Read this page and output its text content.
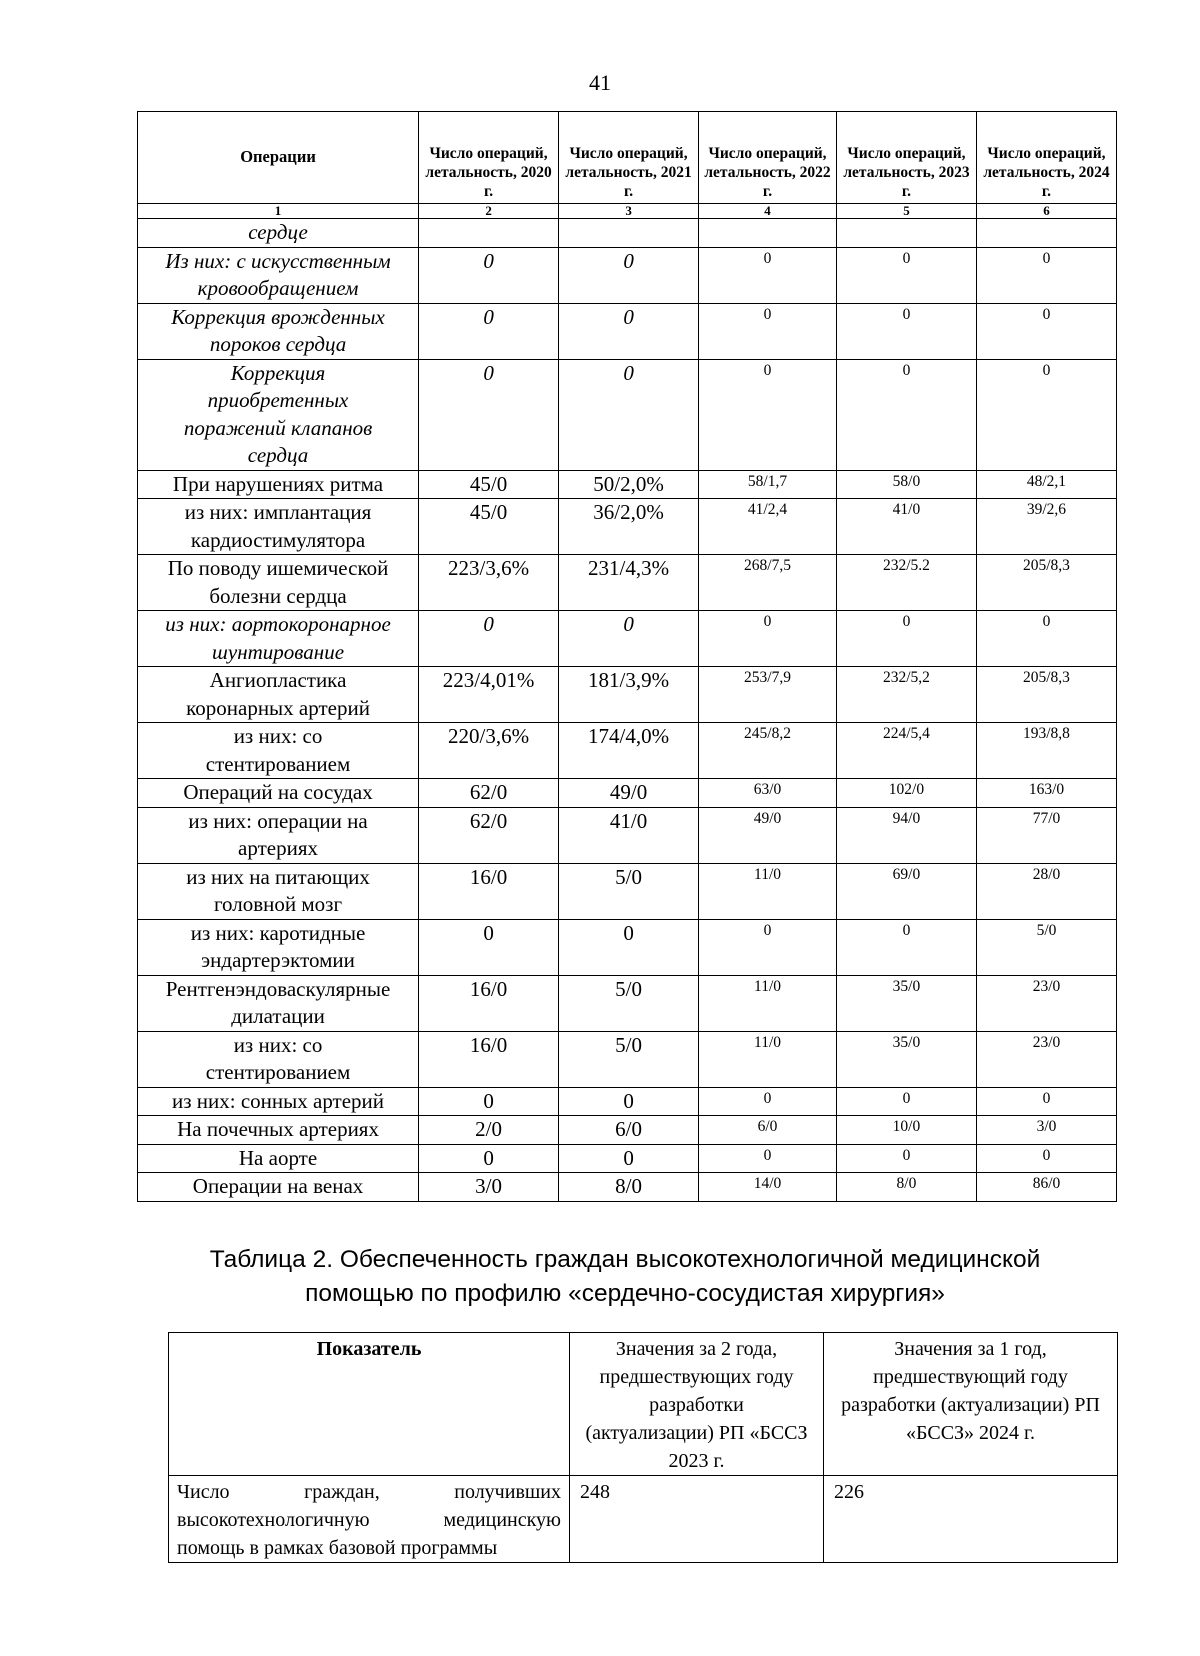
41
Операции	Число операций, летальность, 2020 г.	Число операций, летальность, 2021 г.	Число операций, летальность, 2022 г.	Число операций, летальность, 2023 г.	Число операций, летальность, 2024 г.
1	2	3	4	5	6
сердце					
Из них: с искусственным кровообращением	0	0	0	0	0
Коррекция врожденных пороков сердца	0	0	0	0	0
Коррекция приобретенных поражений клапанов сердца	0	0	0	0	0
При нарушениях ритма	45/0	50/2,0%	58/1,7	58/0	48/2,1
из них: имплантация кардиостимулятора	45/0	36/2,0%	41/2,4	41/0	39/2,6
По поводу ишемической болезни сердца	223/3,6%	231/4,3%	268/7,5	232/5.2	205/8,3
из них: аортокоронарное шунтирование	0	0	0	0	0
Ангиопластика коронарных артерий	223/4,01%	181/3,9%	253/7,9	232/5,2	205/8,3
из них: со стентированием	220/3,6%	174/4,0%	245/8,2	224/5,4	193/8,8
Операций на сосудах	62/0	49/0	63/0	102/0	163/0
из них: операции на артериях	62/0	41/0	49/0	94/0	77/0
из них на питающих головной мозг	16/0	5/0	11/0	69/0	28/0
из них: каротидные эндартерэктомии	0	0	0	0	5/0
Рентгенэндоваскулярные дилатации	16/0	5/0	11/0	35/0	23/0
из них: со стентированием	16/0	5/0	11/0	35/0	23/0
из них: сонных артерий	0	0	0	0	0
На почечных артериях	2/0	6/0	6/0	10/0	3/0
На аорте	0	0	0	0	0
Операции на венах	3/0	8/0	14/0	8/0	86/0
Таблица 2. Обеспеченность граждан высокотехнологичной медицинской
помощью по профилю «сердечно-сосудистая хирургия»
Показатель	Значения за 2 года, предшествующих году разработки (актуализации) РП «БССЗ 2023 г.	Значения за 1 год, предшествующий году разработки (актуализации) РП «БССЗ» 2024 г.
Число граждан, получивших высокотехнологичную медицинскую помощь в рамках базовой программы	248	226
